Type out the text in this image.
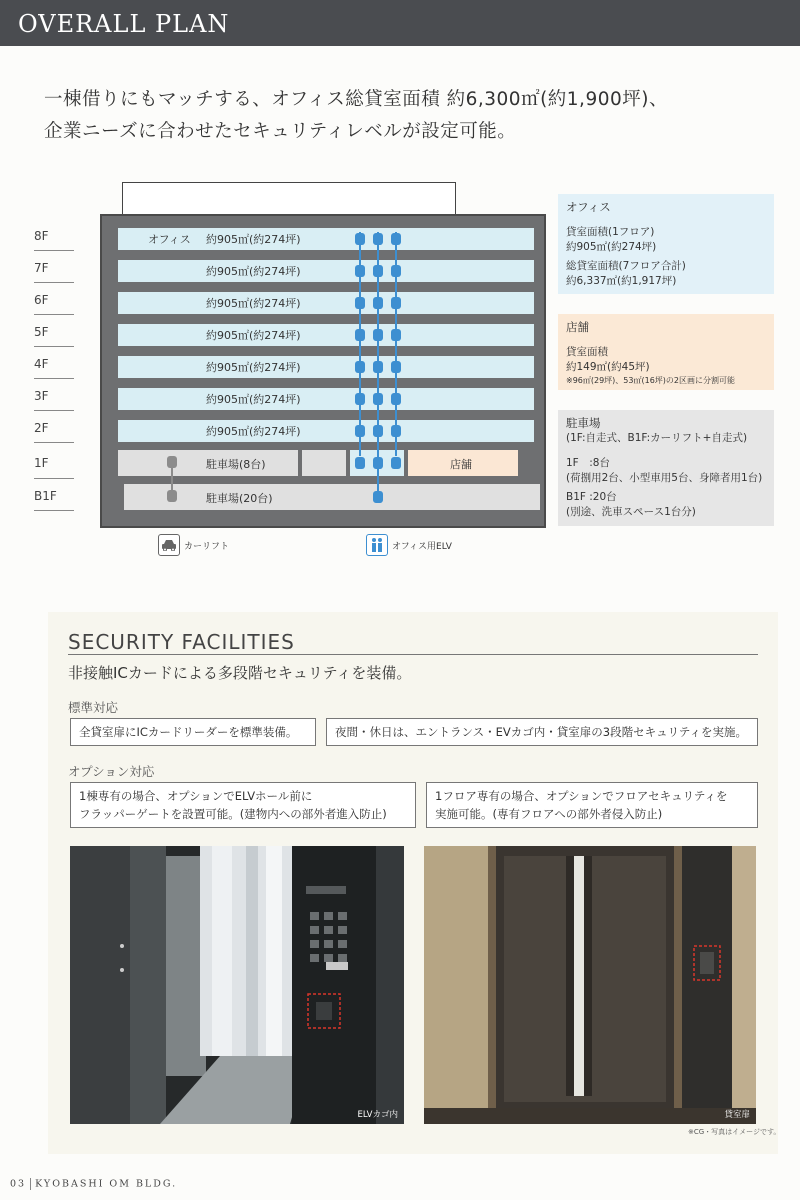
OVERALL PLAN
一棟借りにもマッチする、オフィス総貸室面積 約6,300㎡(約1,900坪)、
企業ニーズに合わせたセキュリティレベルが設定可能。
8F
7F
6F
5F
4F
3F
2F
1F
B1F
オフィス 約905㎡(約274坪)
約905㎡(約274坪)
約905㎡(約274坪)
約905㎡(約274坪)
約905㎡(約274坪)
約905㎡(約274坪)
約905㎡(約274坪)
駐車場(8台)	店舗
駐車場(20台)
カーリフト	オフィス用ELV
オフィス
貸室面積(1フロア)

約905㎡(約274坪)

総貸室面積(7フロア合計)
約6,337㎡(約1,917坪)
店舗
貸室面積
約149㎡(約45坪)
※96㎡(29坪)、53㎡(16坪)の2区画に分割可能
駐車場
(1F:自走式、B1F:カーリフト+自走式)
1F　:8台

(荷捌用2台、小型車用5台、身障者用1台)

B1F :20台
(別途、洗車スペース1台分)
SECURITY FACILITIES
非接触ICカードによる多段階セキュリティを装備。
標準対応
全貸室扉にICカードリーダーを標準装備。	夜間・休日は、エントランス・EVカゴ内・貸室扉の3段階セキュリティを実施。
オプション対応
1棟専有の場合、オプションでELVホール前に
フラッパーゲートを設置可能。(建物内への部外者進入防止)
1フロア専有の場合、オプションでフロアセキュリティを
実施可能。(専有フロアへの部外者侵入防止)
ELVカゴ内	貸室扉
※CG・写真はイメージです。
03 KYOBASHI OM BLDG.
